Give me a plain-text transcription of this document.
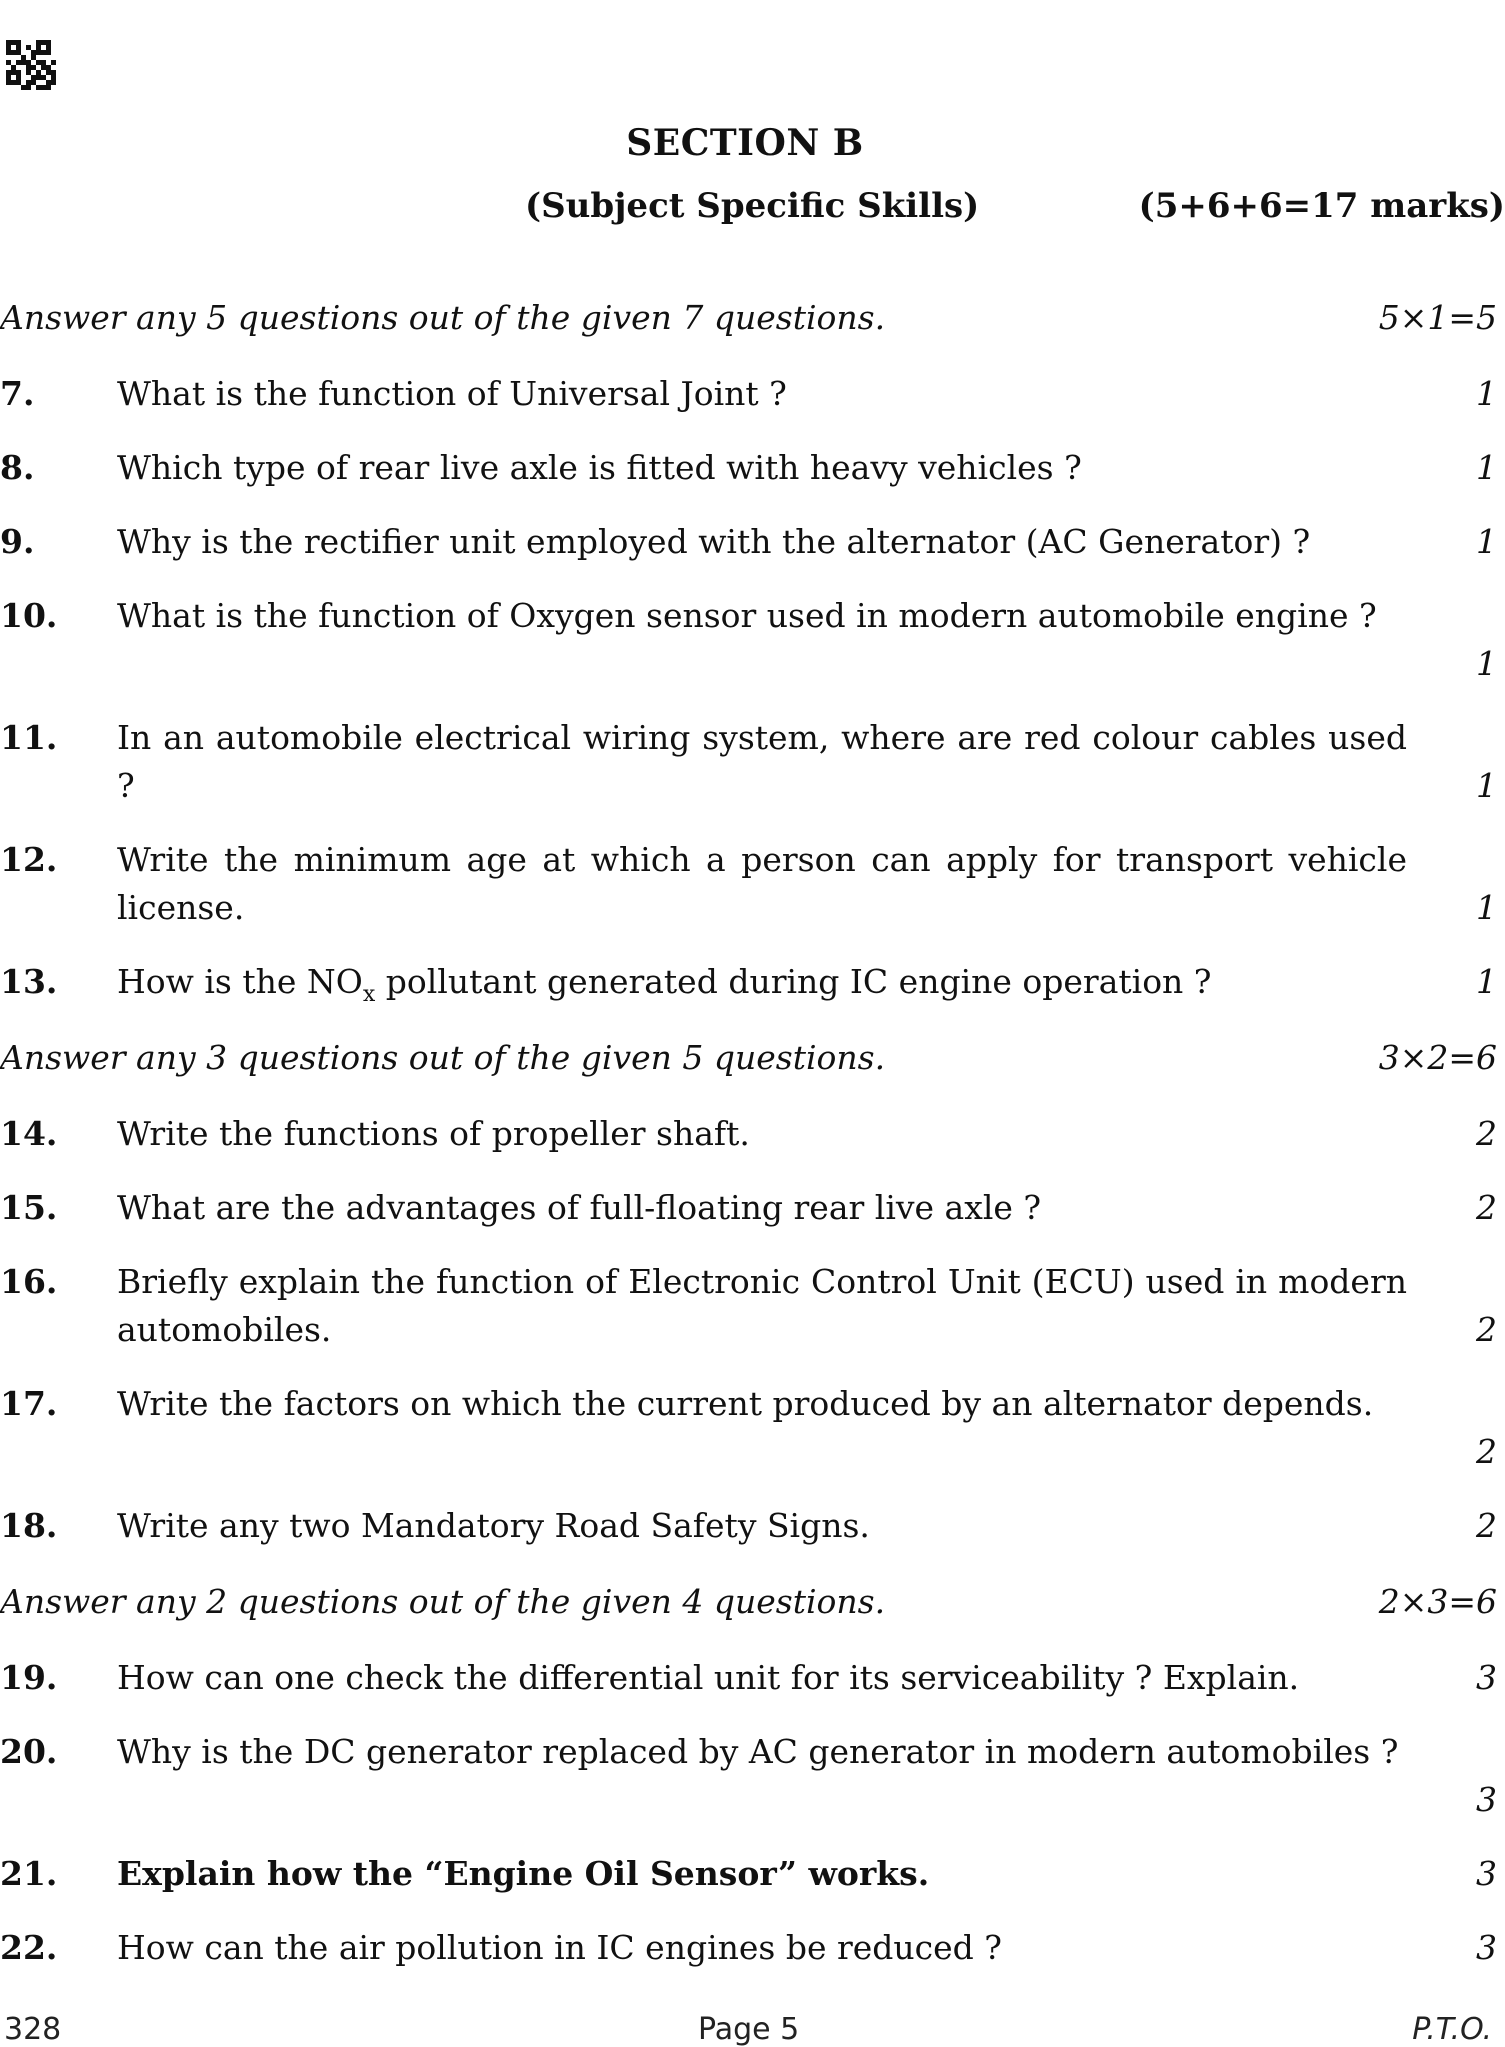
SECTION B
(Subject Specific Skills)	(5+6+6=17 marks)
Answer any 5 questions out of the given 7 questions.	5×1=5
7.	What is the function of Universal Joint ?	1
8.	Which type of rear live axle is fitted with heavy vehicles ?	1
9.	Why is the rectifier unit employed with the alternator (AC Generator) ?	1
10. What is the function of Oxygen sensor used in modern automobile engine ?
1
11. In an automobile electrical wiring system, where are red colour cables used ?	1
12. Write the minimum age at which a person can apply for transport vehicle license.	1
13. How is the $NO_x$ pollutant generated during IC engine operation ?	1
Answer any 3 questions out of the given 5 questions.	3×2=6
14. Write the functions of propeller shaft.	2
15. What are the advantages of full-floating rear live axle ?	2
16. Briefly explain the function of Electronic Control Unit (ECU) used in modern automobiles.	2
17. Write the factors on which the current produced by an alternator depends.
2
18. Write any two Mandatory Road Safety Signs.	2
Answer any 2 questions out of the given 4 questions.	2×3=6
19. How can one check the differential unit for its serviceability ? Explain.	3
20. Why is the DC generator replaced by AC generator in modern automobiles ?
3
21. Explain how the “Engine Oil Sensor” works.	3
22. How can the air pollution in IC engines be reduced ?	3
328	Page 5	P.T.O.
